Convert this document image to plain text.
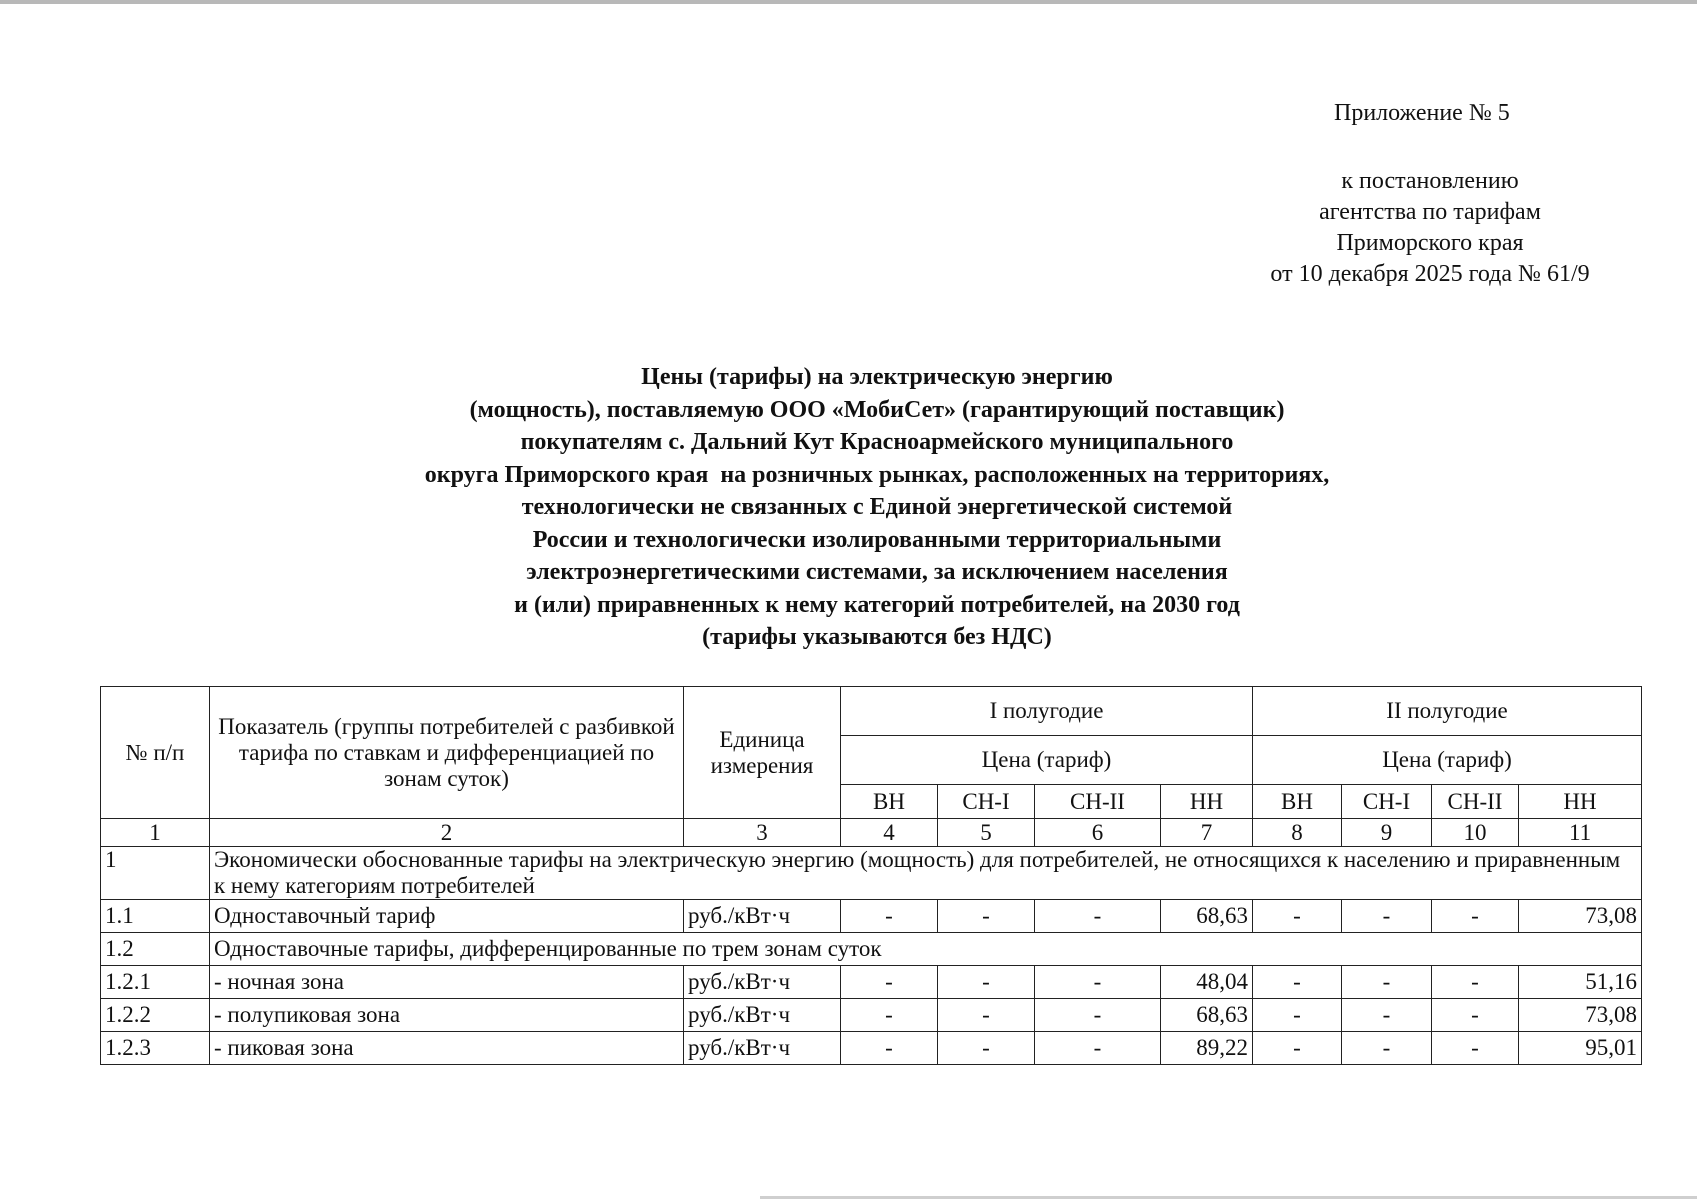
Приложение № 5
к постановлению
агентства по тарифам
Приморского края
от 10 декабря 2025 года № 61/9
Цены (тарифы) на электрическую энергию
(мощность), поставляемую ООО «МобиСет» (гарантирующий поставщик)
покупателям с. Дальний Кут Красноармейского муниципального
округа Приморского края  на розничных рынках, расположенных на территориях,
технологически не связанных с Единой энергетической системой
России и технологически изолированными территориальными
электроэнергетическими системами, за исключением населения
и (или) приравненных к нему категорий потребителей, на 2030 год
(тарифы указываются без НДС)
№ п/п	Показатель (группы потребителей с разбивкой тарифа по ставкам и дифференциацией по зонам суток)	Единица измерения	I полугодие				II полугодие			
			Цена (тариф)				Цена (тариф)			
			ВН	СН-I	СН-II	НН	ВН	СН-I	СН-II	НН
1	2	3	4	5	6	7	8	9	10	11
1	Экономически обоснованные тарифы на электрическую энергию (мощность) для потребителей, не относящихся к населению и приравненным к нему категориям потребителей									
1.1	Одноставочный тариф	руб./кВт·ч	-	-	-	68,63	-	-	-	73,08
1.2	Одноставочные тарифы, дифференцированные по трем зонам суток									
1.2.1	- ночная зона	руб./кВт·ч	-	-	-	48,04	-	-	-	51,16
1.2.2	- полупиковая зона	руб./кВт·ч	-	-	-	68,63	-	-	-	73,08
1.2.3	- пиковая зона	руб./кВт·ч	-	-	-	89,22	-	-	-	95,01
